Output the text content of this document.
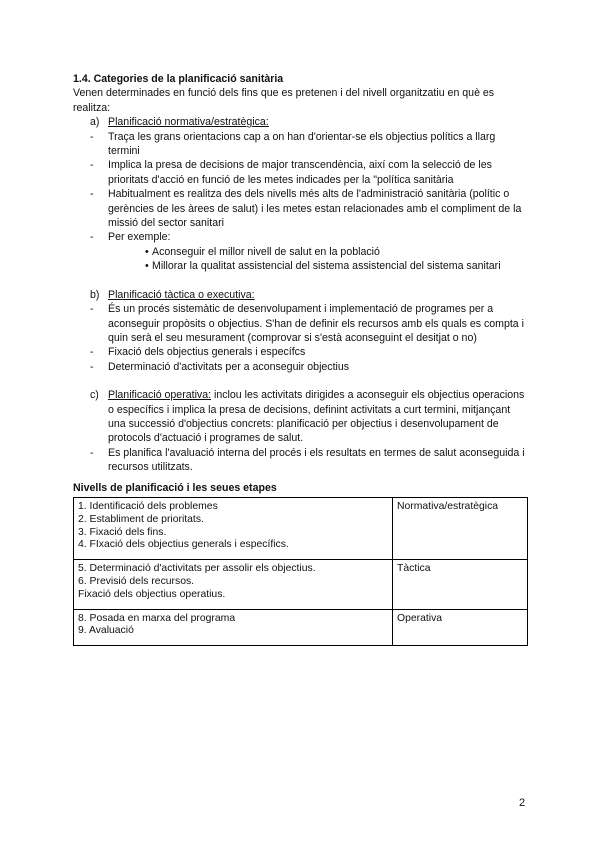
1.4. Categories de la planificació sanitària

Venen determinades en funció dels fins que es pretenen i del nivell organitzatiu en què es realitza:

a) Planificació normativa/estratègica:
-	Traça les grans orientacions cap a on han d'orientar-se els objectius polítics a llarg termini
-	Implica la presa de decisions de major transcendència, així com la selecció de les prioritats d'acció en funció de les metes indicades per la "política sanitària
-	Habitualment es realitza des dels nivells més alts de l'administració sanitària (polític o gerències de les àrees de salut) i les metes estan relacionades amb el compliment de la missió del sector sanitari
-	Per exemple:
• Aconseguir el millor nivell de salut en la població
• Millorar la qualitat assistencial del sistema assistencial del sistema sanitari
b) Planificació tàctica o executiva:
-	És un procés sistemàtic de desenvolupament i implementació de programes per a aconseguir propòsits o objectius. S'han de definir els recursos amb els quals es compta i quin serà el seu mesurament (comprovar si s'està aconseguint el desitjat o no)
-	Fixació dels objectius generals i específcs
-	Determinació d'activitats per a aconseguir objectius
c) Planificació operativa: inclou les activitats dirigides a aconseguir els objectius operacions o específics i implica la presa de decisions, definint activitats a curt termini, mitjançant una successió d'objectius concrets: planificació per objectius i desenvolupament de protocols d'actuació i programes de salut.
-	Es planifica l'avaluació interna del procés i els resultats en termes de salut aconseguida i recursos utilitzats.

Nivells de planificació i les seues etapes

1. Identificació dels problemes
2. Establiment de prioritats.
3. Fixació dels fins.
4. FIxació dels objectius generals i específics.	Normativa/estratègica

5. Determinació d'activitats per assolir els objectius.
6. Previsió dels recursos.
Fixació dels objectius operatius.	Tàctica

8. Posada en marxa del programa
9. Avaluació	Operativa
2
